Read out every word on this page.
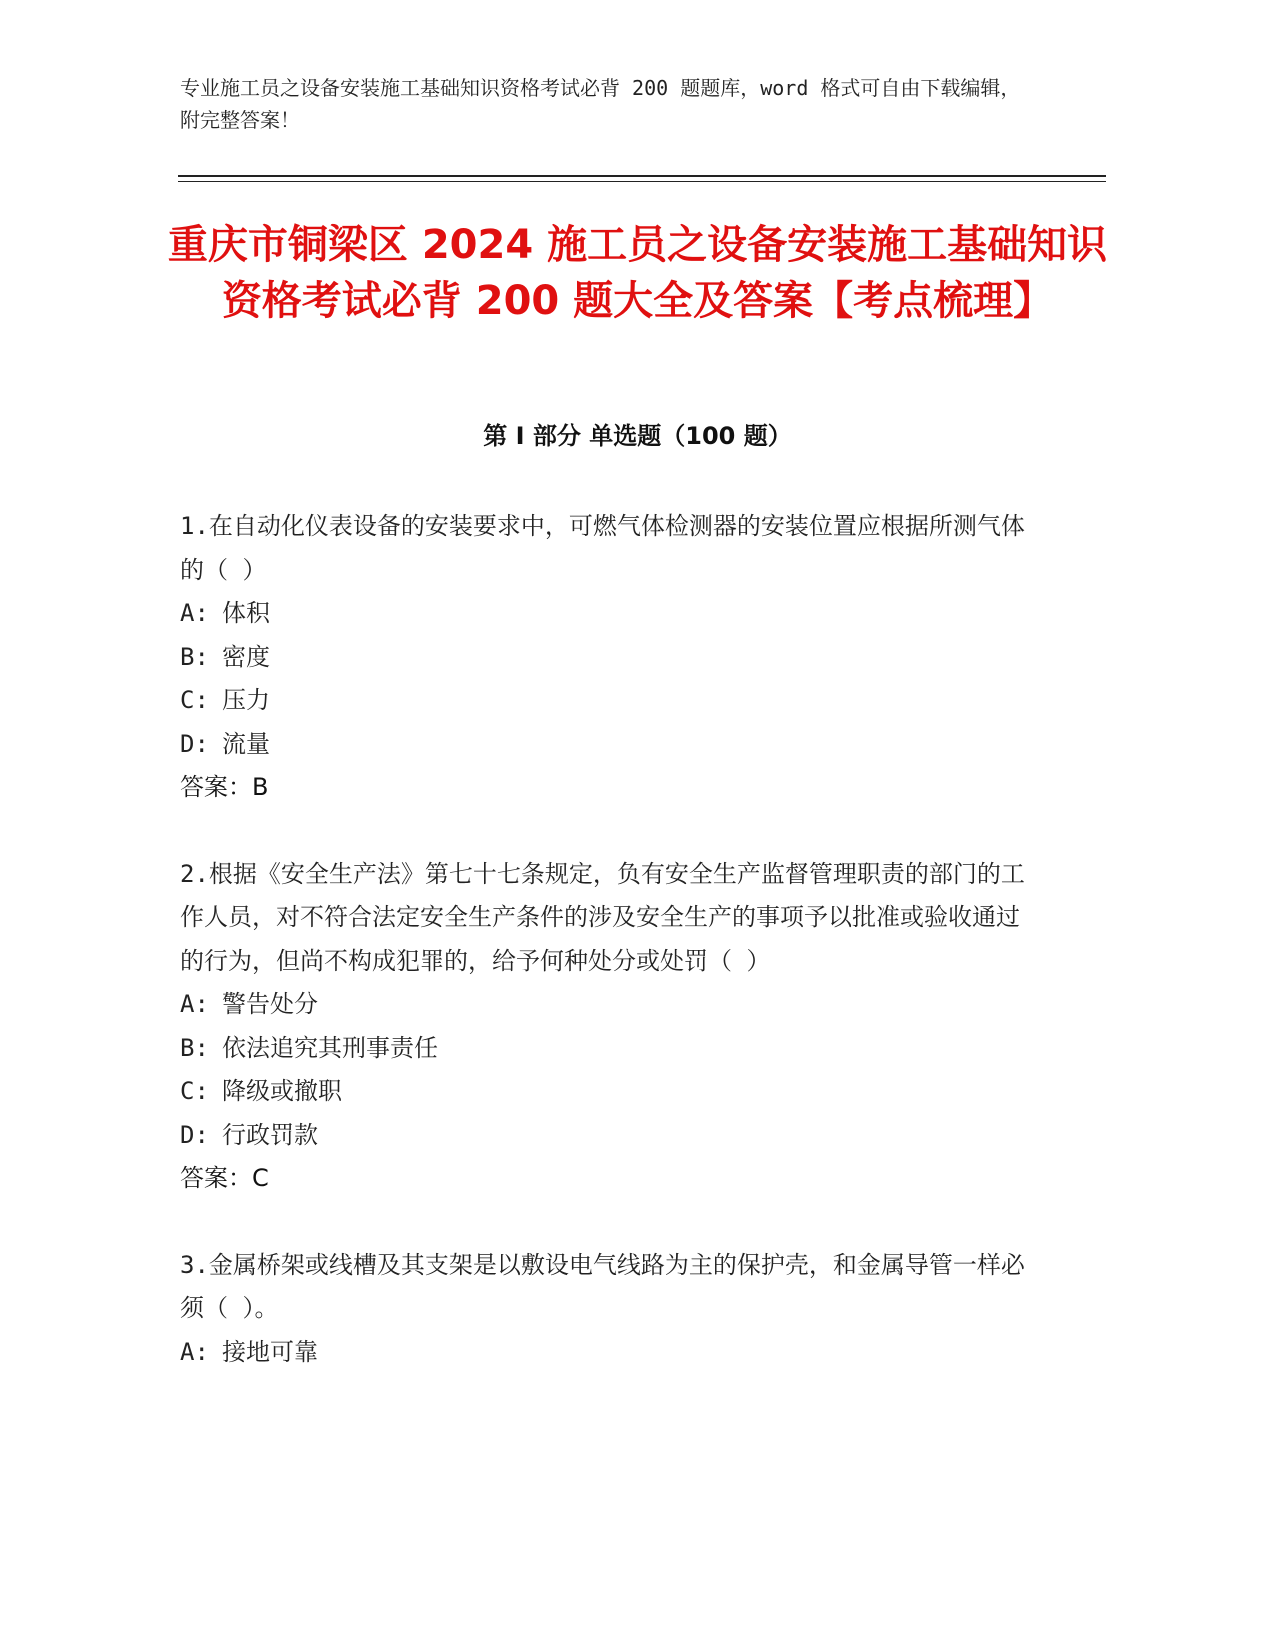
专业施工员之设备安装施工基础知识资格考试必背 200 题题库，word 格式可自由下载编辑，附完整答案！
重庆市铜梁区 2024 施工员之设备安装施工基础知识资格考试必背 200 题大全及答案【考点梳理】
第 I 部分 单选题（100 题）
1.在自动化仪表设备的安装要求中，可燃气体检测器的安装位置应根据所测气体的（ ）
A: 体积
B: 密度
C: 压力
D: 流量
答案：B
2.根据《安全生产法》第七十七条规定，负有安全生产监督管理职责的部门的工作人员，对不符合法定安全生产条件的涉及安全生产的事项予以批准或验收通过的行为，但尚不构成犯罪的，给予何种处分或处罚（ ）
A: 警告处分
B: 依法追究其刑事责任
C: 降级或撤职
D: 行政罚款
答案：C
3.金属桥架或线槽及其支架是以敷设电气线路为主的保护壳，和金属导管一样必须（ ）。
A: 接地可靠
